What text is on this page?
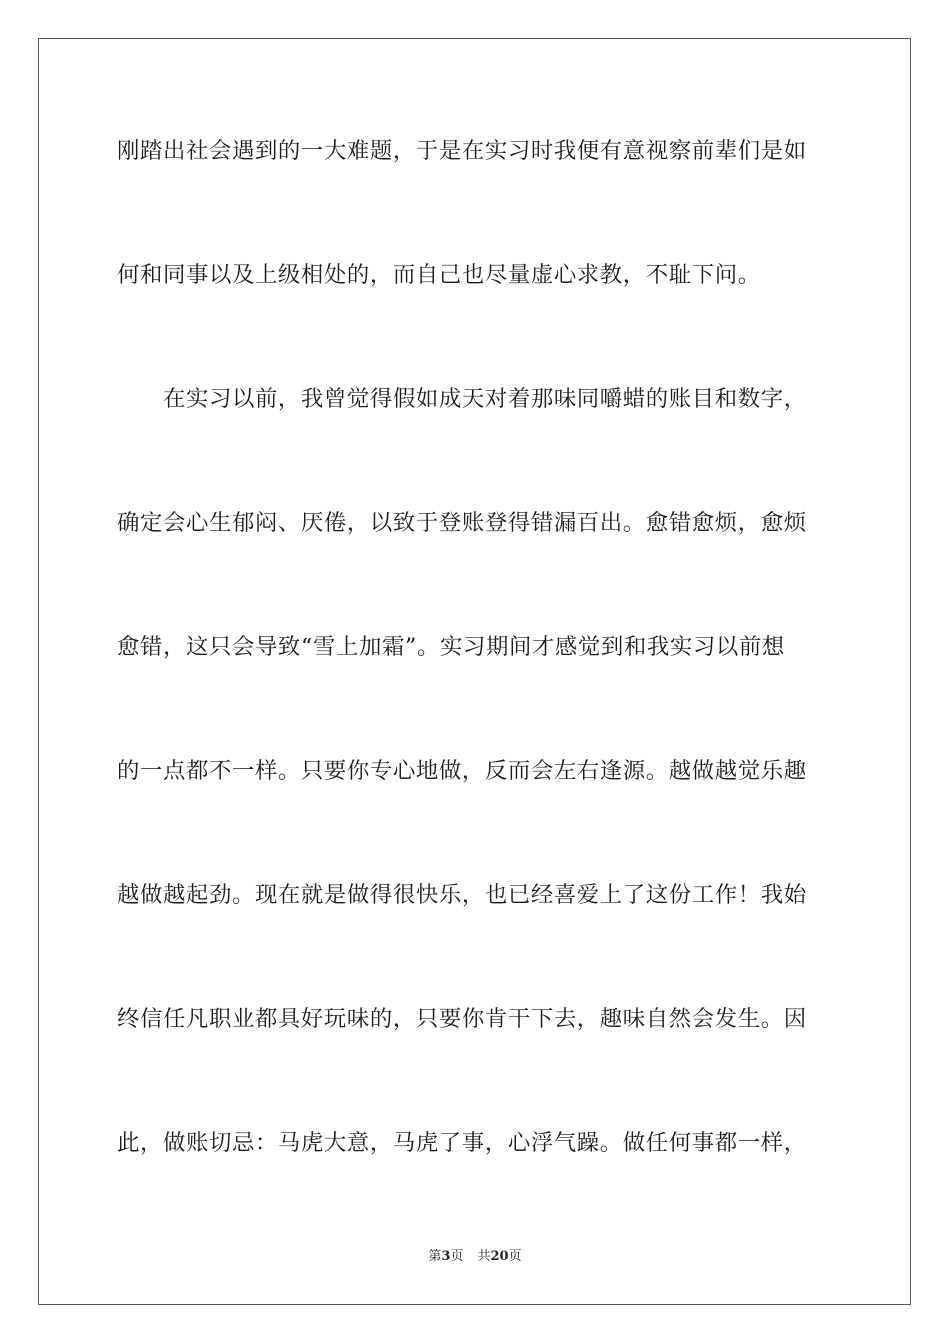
刚踏出社会遇到的一大难题，于是在实习时我便有意视察前辈们是如
何和同事以及上级相处的，而自己也尽量虚心求教，不耻下问。
　　在实习以前，我曾觉得假如成天对着那味同嚼蜡的账目和数字，
确定会心生郁闷、厌倦，以致于登账登得错漏百出。愈错愈烦，愈烦
愈错，这只会导致“雪上加霜”。实习期间才感觉到和我实习以前想
的一点都不一样。只要你专心地做，反而会左右逢源。越做越觉乐趣
越做越起劲。现在就是做得很快乐，也已经喜爱上了这份工作！我始
终信任凡职业都具好玩味的，只要你肯干下去，趣味自然会发生。因
此，做账切忌：马虎大意，马虎了事，心浮气躁。做任何事都一样，
第3页 共20页
